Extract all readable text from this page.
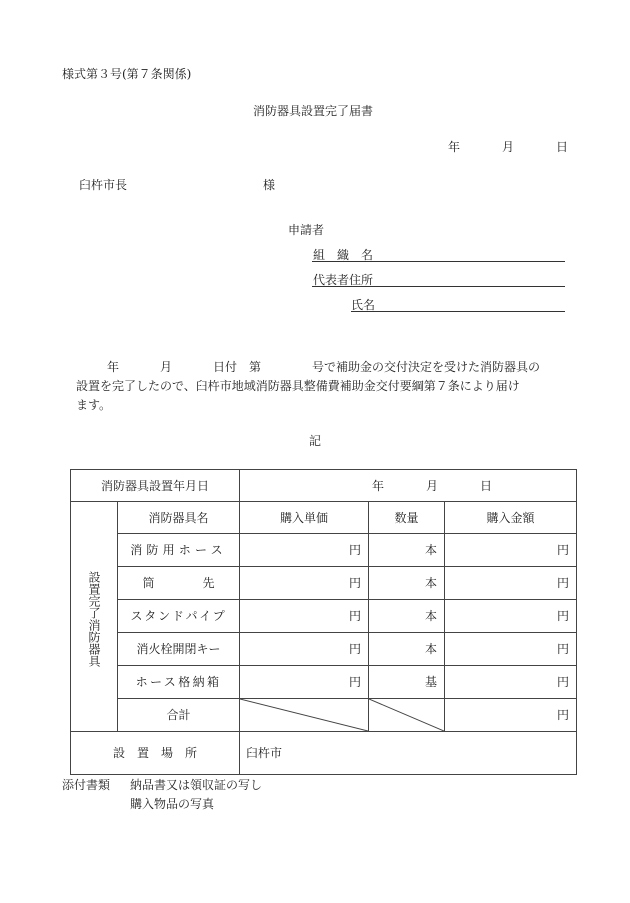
様式第３号(第７条関係)
消防器具設置完了届書
年	月	日
臼杵市長	様
申請者
組　織　名
代表者住所
氏名
年	月	日付　第	号で補助金の交付決定を受けた消防器具の
設置を完了したので、臼杵市地域消防器具整備費補助金交付要綱第７条により届け
ます。
記
消防器具設置年月日		年 月 日		

設置完了消防器具	消防器具名	購入単価	数量	購入金額
	消防用ホース	円	本	円
	筒　　　　先	円	本	円
	スタンドパイプ	円	本	円
	消火栓開閉キー	円	本	円
	ホース格納箱	円	基	円
	合計			円
設　置　場　所		臼杵市		
添付書類 納品書又は領収証の写し
購入物品の写真
